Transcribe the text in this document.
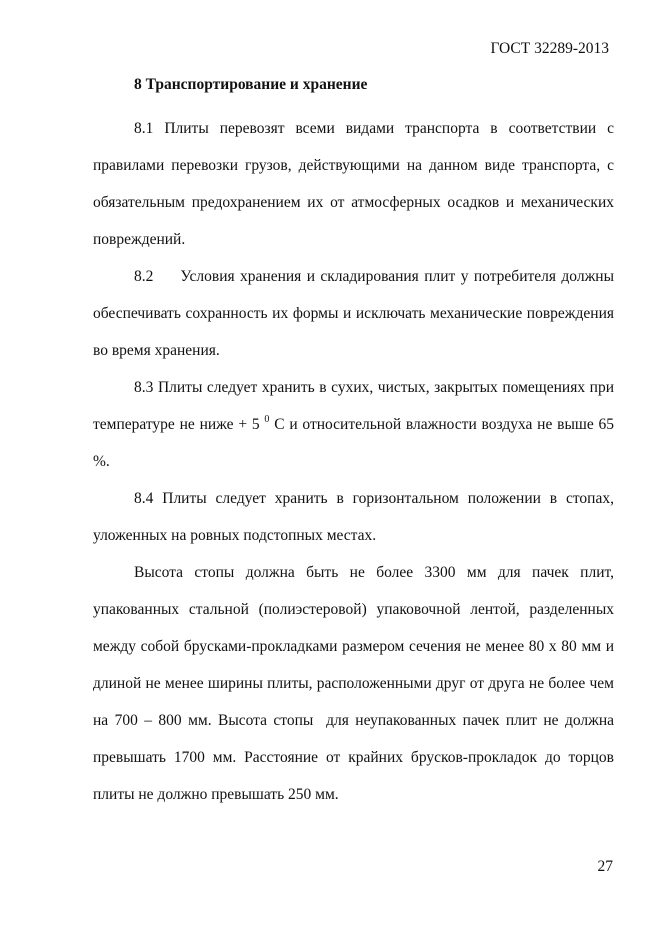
ГОСТ 32289-2013
8 Транспортирование и хранение

8.1 Плиты перевозят всеми видами транспорта в соответствии с правилами перевозки грузов, действующими на данном виде транспорта, с обязательным предохранением их от атмосферных осадков и механических повреждений.

8.2     Условия хранения и складирования плит у потребителя должны обеспечивать сохранность их формы и исключать механические повреждения во время хранения.

8.3 Плиты следует хранить в сухих, чистых, закрытых помещениях при температуре не ниже + 5 $^0$ С и относительной влажности воздуха не выше 65 %.

8.4 Плиты следует хранить в горизонтальном положении в стопах, уложенных на ровных подстопных местах.

Высота стопы должна быть не более 3300 мм для пачек плит, упакованных стальной (полиэстеровой) упаковочной лентой, разделенных между собой брусками-прокладками размером сечения не менее 80 х 80 мм и длиной не менее ширины плиты, расположенными друг от друга не более чем на 700 – 800 мм. Высота стопы  для неупакованных пачек плит не должна превышать 1700 мм. Расстояние от крайних брусков-прокладок до торцов плиты не должно превышать 250 мм.

27
